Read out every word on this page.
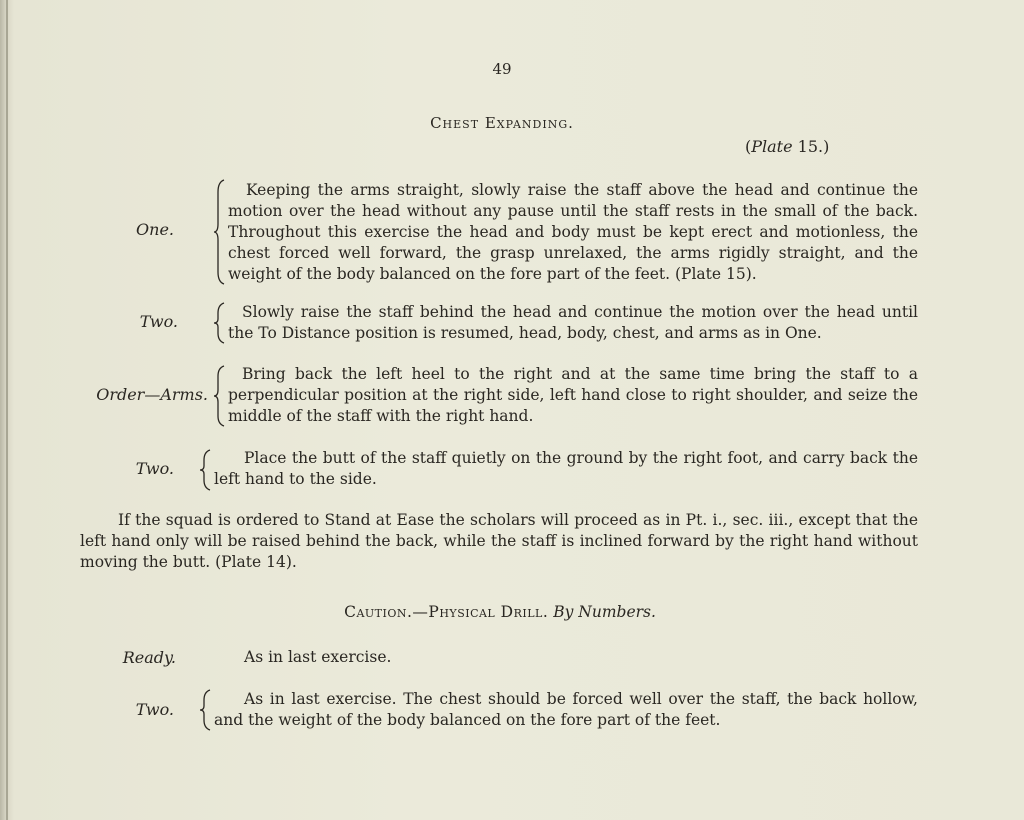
49
Chest Expanding.
(Plate 15.)
One.
Keeping the arms straight, slowly raise the staff above the head and continue the motion over the head without any pause until the staff rests in the small of the back. Throughout this exercise the head and body must be kept erect and motionless, the chest forced well forward, the grasp unrelaxed, the arms rigidly straight, and the weight of the body balanced on the fore part of the feet. (Plate 15).
Two.	Slowly raise the staff behind the head and continue the motion over the head until the To Distance position is resumed, head, body, chest, and arms as in One.
Order—Arms.
Bring back the left heel to the right and at the same time bring the staff to a perpendicular position at the right side, left hand close to right shoulder, and seize the middle of the staff with the right hand.
Two.
Place the butt of the staff quietly on the ground by the right foot, and carry back the left hand to the side.
If the squad is ordered to Stand at Ease the scholars will proceed as in Pt. i., sec. iii., except that the left hand only will be raised behind the back, while the staff is inclined forward by the right hand without moving the butt. (Plate 14).
Caution.—Physical Drill. By Numbers.
Ready.	As in last exercise.
Two.
As in last exercise. The chest should be forced well over the staff, the back hollow, and the weight of the body balanced on the fore part of the feet.
